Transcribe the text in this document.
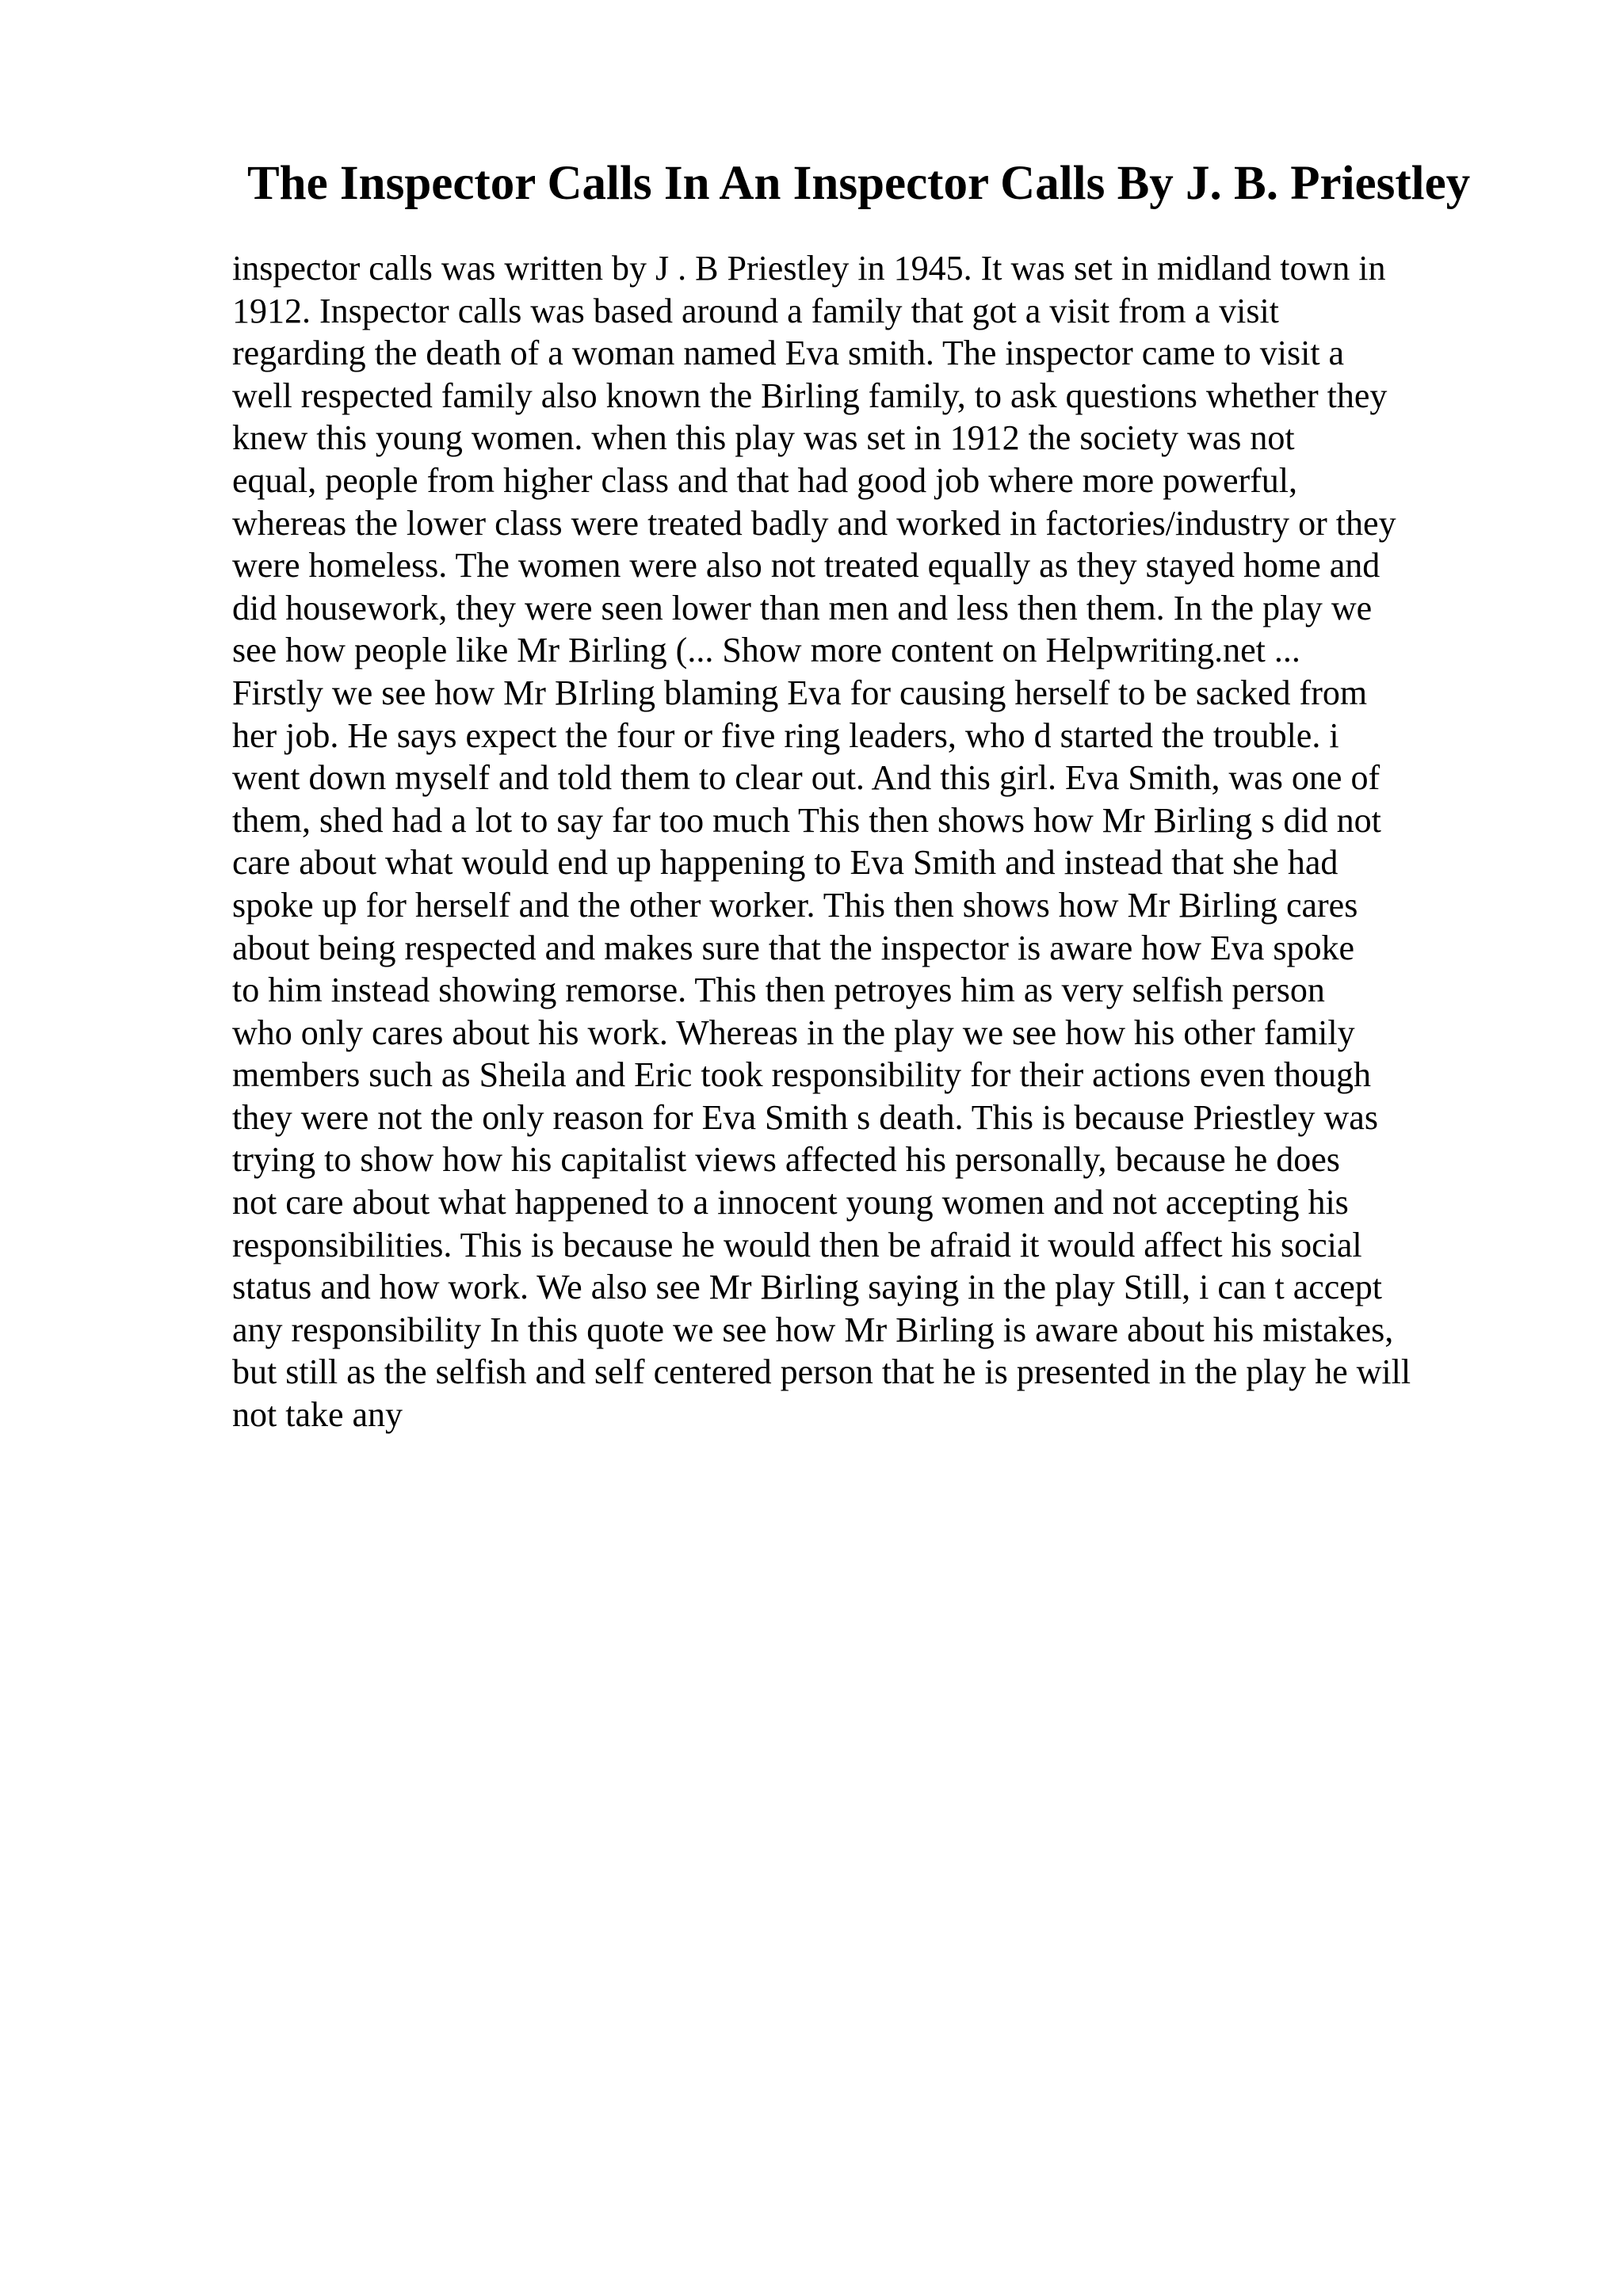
The Inspector Calls In An Inspector Calls By J. B. Priestley
inspector calls was written by J . B Priestley in 1945. It was set in midland town in
1912. Inspector calls was based around a family that got a visit from a visit
regarding the death of a woman named Eva smith. The inspector came to visit a
well respected family also known the Birling family, to ask questions whether they
knew this young women. when this play was set in 1912 the society was not
equal, people from higher class and that had good job where more powerful,
whereas the lower class were treated badly and worked in factories/industry or they
were homeless. The women were also not treated equally as they stayed home and
did housework, they were seen lower than men and less then them. In the play we
see how people like Mr Birling (... Show more content on Helpwriting.net ...
Firstly we see how Mr BIrling blaming Eva for causing herself to be sacked from
her job. He says expect the four or five ring leaders, who d started the trouble. i
went down myself and told them to clear out. And this girl. Eva Smith, was one of
them, shed had a lot to say far too much This then shows how Mr Birling s did not
care about what would end up happening to Eva Smith and instead that she had
spoke up for herself and the other worker. This then shows how Mr Birling cares
about being respected and makes sure that the inspector is aware how Eva spoke
to him instead showing remorse. This then petroyes him as very selfish person
who only cares about his work. Whereas in the play we see how his other family
members such as Sheila and Eric took responsibility for their actions even though
they were not the only reason for Eva Smith s death. This is because Priestley was
trying to show how his capitalist views affected his personally, because he does
not care about what happened to a innocent young women and not accepting his
responsibilities. This is because he would then be afraid it would affect his social
status and how work. We also see Mr Birling saying in the play Still, i can t accept
any responsibility In this quote we see how Mr Birling is aware about his mistakes,
but still as the selfish and self centered person that he is presented in the play he will
not take any
